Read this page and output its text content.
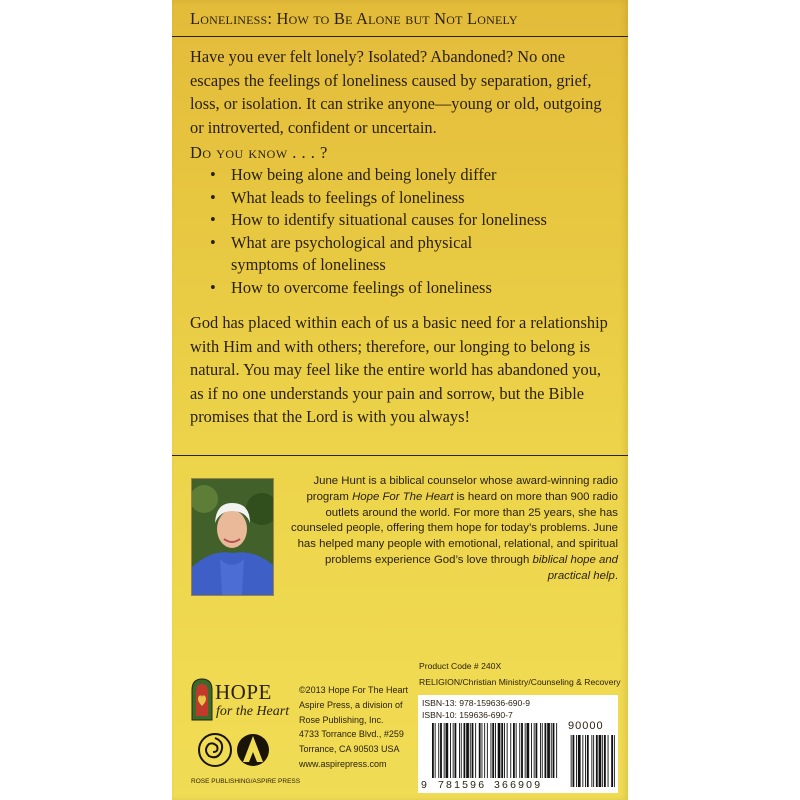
Loneliness: How to Be Alone but Not Lonely

Have you ever felt lonely? Isolated? Abandoned? No one escapes the feelings of loneliness caused by separation, grief, loss, or isolation. It can strike anyone—young or old, outgoing or introverted, confident or uncertain.

Do you know . . . ?
• How being alone and being lonely differ
• What leads to feelings of loneliness
• How to identify situational causes for loneliness
• What are psychological and physical symptoms of loneliness
• How to overcome feelings of loneliness

God has placed within each of us a basic need for a relationship with Him and with others; therefore, our longing to belong is natural. You may feel like the entire world has abandoned you, as if no one understands your pain and sorrow, but the Bible promises that the Lord is with you always!

June Hunt is a biblical counselor whose award-winning radio program Hope For The Heart is heard on more than 900 radio outlets around the world. For more than 25 years, she has counseled people, offering them hope for today’s problems. June has helped many people with emotional, relational, and spiritual problems experience God’s love through biblical hope and practical help.

Product Code # 240X
RELIGION/Christian Ministry/Counseling & Recovery
HOPE
for the Heart
ROSE PUBLISHING/ASPIRE PRESS
©2013 Hope For The Heart
Aspire Press, a division of
Rose Publishing, Inc.
4733 Torrance Blvd., #259
Torrance, CA 90503 USA
www.aspirepress.com
ISBN-13: 978-159636-690-9
ISBN-10: 159636-690-7
90000
9 781596 366909
